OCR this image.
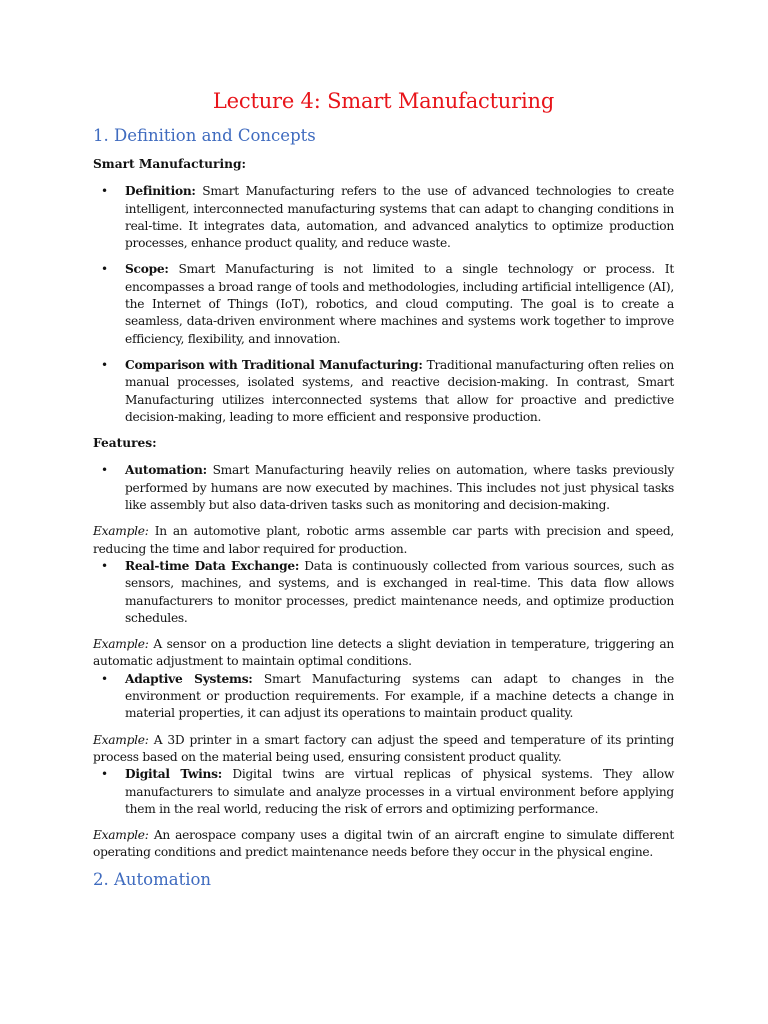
Lecture 4: Smart Manufacturing
1. Definition and Concepts

Smart Manufacturing:

• Definition: Smart Manufacturing refers to the use of advanced technologies to create intelligent, interconnected manufacturing systems that can adapt to changing conditions in real-time. It integrates data, automation, and advanced analytics to optimize production processes, enhance product quality, and reduce waste.

• Scope: Smart Manufacturing is not limited to a single technology or process. It encompasses a broad range of tools and methodologies, including artificial intelligence (AI), the Internet of Things (IoT), robotics, and cloud computing. The goal is to create a seamless, data-driven environment where machines and systems work together to improve efficiency, flexibility, and innovation.

• Comparison with Traditional Manufacturing: Traditional manufacturing often relies on manual processes, isolated systems, and reactive decision-making. In contrast, Smart Manufacturing utilizes interconnected systems that allow for proactive and predictive decision-making, leading to more efficient and responsive production.

Features:

• Automation: Smart Manufacturing heavily relies on automation, where tasks previously performed by humans are now executed by machines. This includes not just physical tasks like assembly but also data-driven tasks such as monitoring and decision-making.

Example: In an automotive plant, robotic arms assemble car parts with precision and speed, reducing the time and labor required for production.

• Real-time Data Exchange: Data is continuously collected from various sources, such as sensors, machines, and systems, and is exchanged in real-time. This data flow allows manufacturers to monitor processes, predict maintenance needs, and optimize production schedules.

Example: A sensor on a production line detects a slight deviation in temperature, triggering an automatic adjustment to maintain optimal conditions.

• Adaptive Systems: Smart Manufacturing systems can adapt to changes in the environment or production requirements. For example, if a machine detects a change in material properties, it can adjust its operations to maintain product quality.

Example: A 3D printer in a smart factory can adjust the speed and temperature of its printing process based on the material being used, ensuring consistent product quality.

• Digital Twins: Digital twins are virtual replicas of physical systems. They allow manufacturers to simulate and analyze processes in a virtual environment before applying them in the real world, reducing the risk of errors and optimizing performance.

Example: An aerospace company uses a digital twin of an aircraft engine to simulate different operating conditions and predict maintenance needs before they occur in the physical engine.

2. Automation
